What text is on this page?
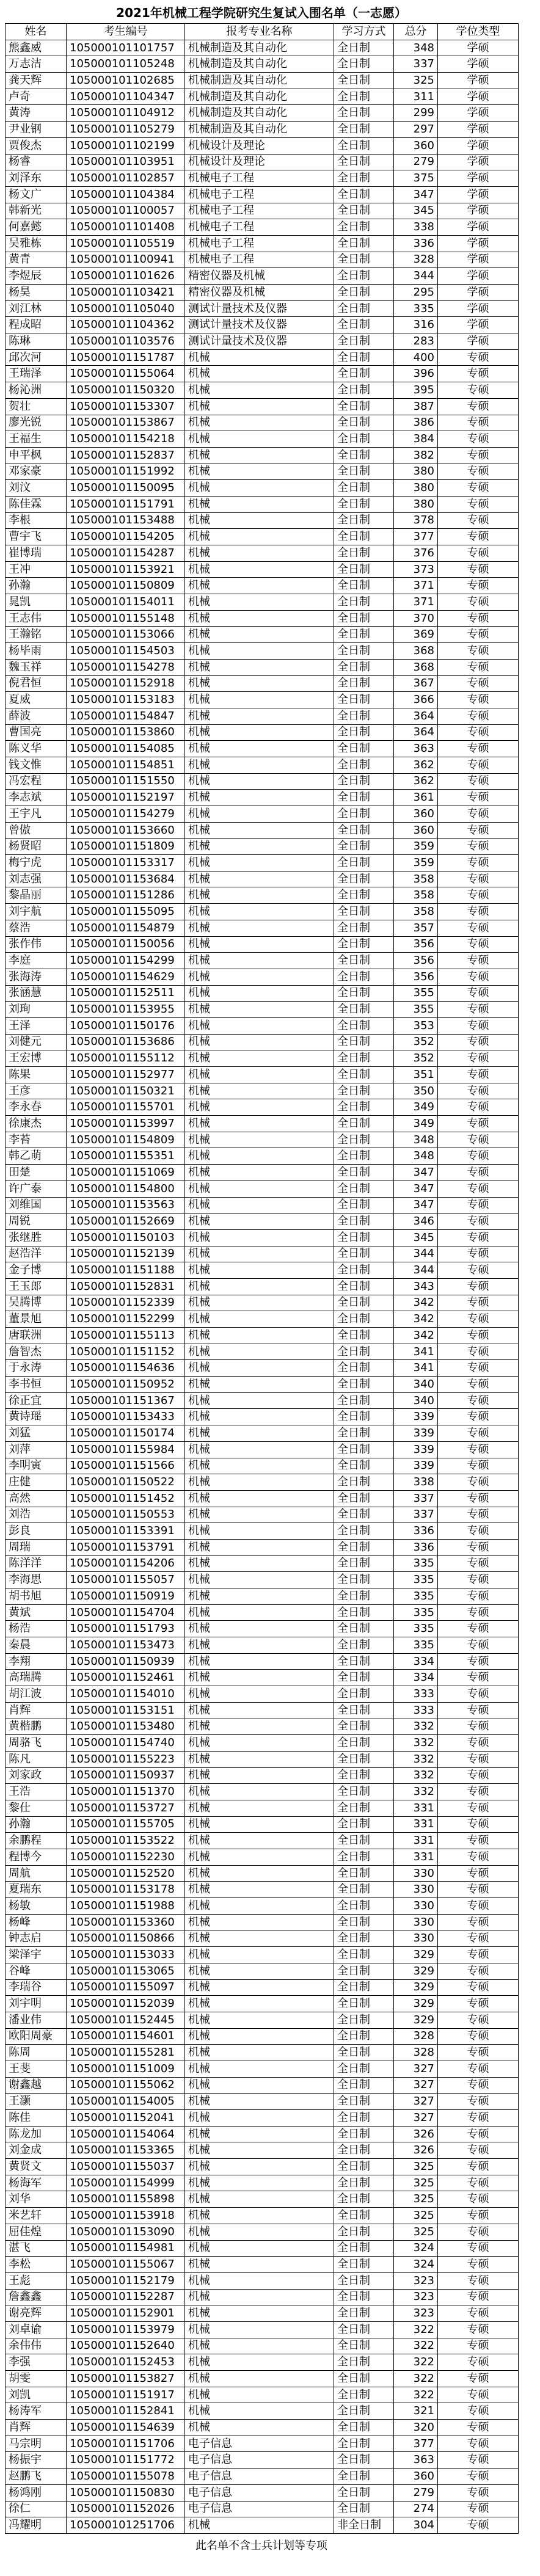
2021年机械工程学院研究生复试入围名单（一志愿）
姓名	考生编号	报考专业名称	学习方式	总分	学位类型
熊鑫威	105000101101757	机械制造及其自动化	全日制	348	学硕
万志洁	105000101105248	机械制造及其自动化	全日制	337	学硕
龚天辉	105000101102685	机械制造及其自动化	全日制	325	学硕
卢奇	105000101104347	机械制造及其自动化	全日制	311	学硕
黄涛	105000101104912	机械制造及其自动化	全日制	299	学硕
尹业钢	105000101105279	机械制造及其自动化	全日制	297	学硕
贾俊杰	105000101102199	机械设计及理论	全日制	360	学硕
杨睿	105000101103951	机械设计及理论	全日制	279	学硕
刘泽东	105000101102857	机械电子工程	全日制	375	学硕
杨文广	105000101104384	机械电子工程	全日制	347	学硕
韩新光	105000101100057	机械电子工程	全日制	345	学硕
何嘉懿	105000101101408	机械电子工程	全日制	338	学硕
吴雅栋	105000101105519	机械电子工程	全日制	336	学硕
黄青	105000101100941	机械电子工程	全日制	328	学硕
李煜辰	105000101101626	精密仪器及机械	全日制	344	学硕
杨昊	105000101103421	精密仪器及机械	全日制	295	学硕
刘江林	105000101105040	测试计量技术及仪器	全日制	335	学硕
程成昭	105000101104362	测试计量技术及仪器	全日制	316	学硕
陈琳	105000101103576	测试计量技术及仪器	全日制	283	学硕
邱次河	105000101151787	机械	全日制	400	专硕
王瑞泽	105000101155064	机械	全日制	396	专硕
杨沁洲	105000101150320	机械	全日制	395	专硕
贺壮	105000101153307	机械	全日制	387	专硕
廖光锐	105000101153867	机械	全日制	386	专硕
王福生	105000101154218	机械	全日制	384	专硕
申平枫	105000101152837	机械	全日制	382	专硕
邓家豪	105000101151992	机械	全日制	380	专硕
刘汶	105000101150095	机械	全日制	380	专硕
陈佳霖	105000101151791	机械	全日制	380	专硕
李根	105000101153488	机械	全日制	378	专硕
曹宇飞	105000101154205	机械	全日制	377	专硕
崔博瑞	105000101154287	机械	全日制	376	专硕
王冲	105000101153921	机械	全日制	373	专硕
孙瀚	105000101150809	机械	全日制	371	专硕
晁凯	105000101154011	机械	全日制	371	专硕
王志伟	105000101155148	机械	全日制	370	专硕
王瀚铭	105000101153066	机械	全日制	369	专硕
杨毕雨	105000101154503	机械	全日制	368	专硕
魏玉祥	105000101154278	机械	全日制	368	专硕
倪君恒	105000101152918	机械	全日制	367	专硕
夏威	105000101153183	机械	全日制	366	专硕
薛波	105000101154847	机械	全日制	364	专硕
曹国亮	105000101153860	机械	全日制	364	专硕
陈义华	105000101154085	机械	全日制	363	专硕
钱文惟	105000101154851	机械	全日制	362	专硕
冯宏程	105000101151550	机械	全日制	362	专硕
李志斌	105000101152197	机械	全日制	361	专硕
王宇凡	105000101154279	机械	全日制	360	专硕
曾傲	105000101153660	机械	全日制	360	专硕
杨贤昭	105000101151809	机械	全日制	359	专硕
梅宁虎	105000101153317	机械	全日制	359	专硕
刘志强	105000101153684	机械	全日制	358	专硕
黎晶丽	105000101151286	机械	全日制	358	专硕
刘宇航	105000101155095	机械	全日制	358	专硕
蔡浩	105000101154879	机械	全日制	357	专硕
张作伟	105000101150056	机械	全日制	356	专硕
李庭	105000101154299	机械	全日制	356	专硕
张海涛	105000101154629	机械	全日制	356	专硕
张涵慧	105000101152511	机械	全日制	355	专硕
刘珣	105000101153955	机械	全日制	355	专硕
王泽	105000101150176	机械	全日制	353	专硕
刘健元	105000101153686	机械	全日制	352	专硕
王宏博	105000101155112	机械	全日制	352	专硕
陈果	105000101152977	机械	全日制	351	专硕
王彦	105000101150321	机械	全日制	350	专硕
李永春	105000101155701	机械	全日制	349	专硕
徐康杰	105000101153997	机械	全日制	349	专硕
李苔	105000101154809	机械	全日制	348	专硕
韩乙萌	105000101155351	机械	全日制	348	专硕
田楚	105000101151069	机械	全日制	347	专硕
许广泰	105000101154800	机械	全日制	347	专硕
刘维国	105000101153563	机械	全日制	347	专硕
周锐	105000101152669	机械	全日制	346	专硕
张继胜	105000101150103	机械	全日制	345	专硕
赵浩洋	105000101152139	机械	全日制	344	专硕
金子博	105000101151188	机械	全日制	344	专硕
王玉郎	105000101152831	机械	全日制	343	专硕
吴腾博	105000101152339	机械	全日制	342	专硕
董景旭	105000101152299	机械	全日制	342	专硕
唐联洲	105000101155113	机械	全日制	342	专硕
詹智杰	105000101151152	机械	全日制	341	专硕
于永涛	105000101154636	机械	全日制	341	专硕
李书恒	105000101150952	机械	全日制	340	专硕
徐正宜	105000101151367	机械	全日制	340	专硕
黄诗瑶	105000101153433	机械	全日制	339	专硕
刘猛	105000101150174	机械	全日制	339	专硕
刘萍	105000101155984	机械	全日制	339	专硕
李明寅	105000101151566	机械	全日制	339	专硕
庄健	105000101150522	机械	全日制	338	专硕
高然	105000101151452	机械	全日制	337	专硕
刘浩	105000101150553	机械	全日制	337	专硕
彭良	105000101153391	机械	全日制	336	专硕
周瑞	105000101153791	机械	全日制	336	专硕
陈洋洋	105000101154206	机械	全日制	335	专硕
李海思	105000101155057	机械	全日制	335	专硕
胡书旭	105000101150919	机械	全日制	335	专硕
黄斌	105000101154704	机械	全日制	335	专硕
杨浩	105000101151793	机械	全日制	335	专硕
秦晨	105000101153473	机械	全日制	335	专硕
李翔	105000101150939	机械	全日制	334	专硕
高瑞腾	105000101152461	机械	全日制	334	专硕
胡江波	105000101154010	机械	全日制	333	专硕
肖辉	105000101153151	机械	全日制	333	专硕
黄楷鹏	105000101153480	机械	全日制	332	专硕
周骆飞	105000101154740	机械	全日制	332	专硕
陈凡	105000101155223	机械	全日制	332	专硕
刘家政	105000101150937	机械	全日制	332	专硕
王浩	105000101151370	机械	全日制	332	专硕
黎仕	105000101153727	机械	全日制	331	专硕
孙瀚	105000101155705	机械	全日制	331	专硕
余鹏程	105000101153522	机械	全日制	331	专硕
程博今	105000101152230	机械	全日制	331	专硕
周航	105000101152520	机械	全日制	330	专硕
夏瑞东	105000101153178	机械	全日制	330	专硕
杨敏	105000101151988	机械	全日制	330	专硕
杨峰	105000101153360	机械	全日制	330	专硕
钟志启	105000101150866	机械	全日制	330	专硕
梁泽宇	105000101153033	机械	全日制	329	专硕
谷峰	105000101153065	机械	全日制	329	专硕
李瑞谷	105000101155097	机械	全日制	329	专硕
刘宇明	105000101152039	机械	全日制	329	专硕
潘业伟	105000101152445	机械	全日制	329	专硕
欧阳周豪	105000101154601	机械	全日制	328	专硕
陈周	105000101155281	机械	全日制	328	专硕
王斐	105000101151009	机械	全日制	327	专硕
谢鑫越	105000101155062	机械	全日制	327	专硕
王灏	105000101154005	机械	全日制	327	专硕
陈佳	105000101152041	机械	全日制	327	专硕
陈龙加	105000101154064	机械	全日制	326	专硕
刘金成	105000101153365	机械	全日制	326	专硕
黄贤文	105000101155037	机械	全日制	325	专硕
杨海军	105000101154999	机械	全日制	325	专硕
刘华	105000101155898	机械	全日制	325	专硕
米艺轩	105000101153918	机械	全日制	325	专硕
屈佳煌	105000101153090	机械	全日制	325	专硕
湛飞	105000101154981	机械	全日制	324	专硕
李松	105000101155067	机械	全日制	324	专硕
王彪	105000101152179	机械	全日制	323	专硕
詹鑫鑫	105000101152287	机械	全日制	323	专硕
谢亮辉	105000101152901	机械	全日制	323	专硕
刘卓谕	105000101153979	机械	全日制	322	专硕
余伟伟	105000101152640	机械	全日制	322	专硕
李强	105000101152453	机械	全日制	322	专硕
胡雯	105000101153827	机械	全日制	322	专硕
刘凯	105000101151917	机械	全日制	322	专硕
杨涛军	105000101152841	机械	全日制	321	专硕
肖辉	105000101154639	机械	全日制	320	专硕
马宗明	105000101151706	电子信息	全日制	377	专硕
杨振宇	105000101151772	电子信息	全日制	363	专硕
赵鹏飞	105000101155078	电子信息	全日制	360	专硕
杨鸿刚	105000101150830	电子信息	全日制	279	专硕
徐仁	105000101152026	电子信息	全日制	274	专硕
冯耀明	105000101251706	机械	非全日制	304	专硕
此名单不含士兵计划等专项
